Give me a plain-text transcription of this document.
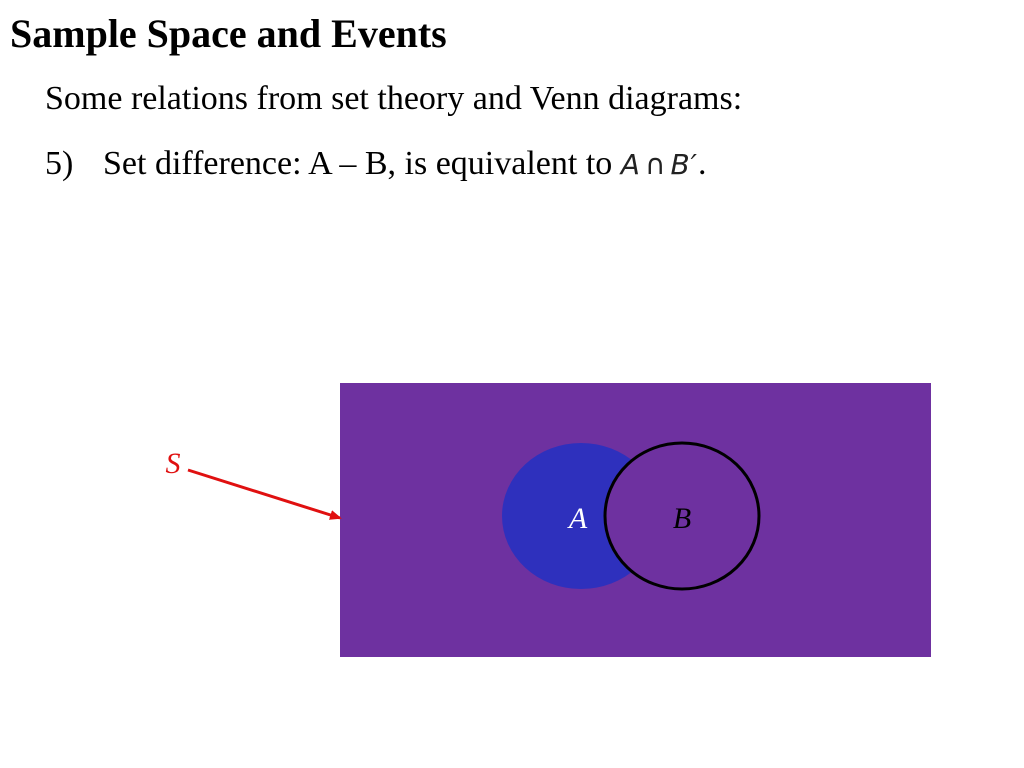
Sample Space and Events

Some relations from set theory and Venn diagrams:

5) Set difference: A – B, is equivalent to A ∩ B′.
A	B
S
